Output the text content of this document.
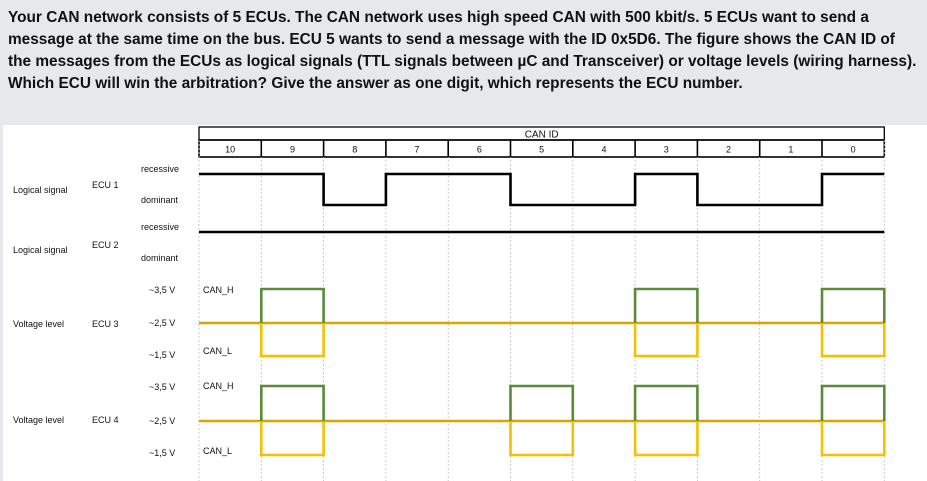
Your CAN network consists of 5 ECUs. The CAN network uses high speed CAN with 500 kbit/s. 5 ECUs want to send a message at the same time on the bus. ECU 5 wants to send a message with the ID 0x5D6. The figure shows the CAN ID of the messages from the ECUs as logical signals (TTL signals between µC and Transceiver) or voltage levels (wiring harness). Which ECU will win the arbitration? Give the answer as one digit, which represents the ECU number.

CAN ID
10	9	8	7	6	5	4	3	2	1	0
Logical signal	ECU 1
recessive
dominant
Logical signal	ECU 2
recessive
dominant
Voltage level	ECU 3
~3,5 V
~2,5 V
~1,5 V
CAN_H
CAN_L
Voltage level	ECU 4
~3,5 V
~2,5 V
~1,5 V
CAN_H
CAN_L
